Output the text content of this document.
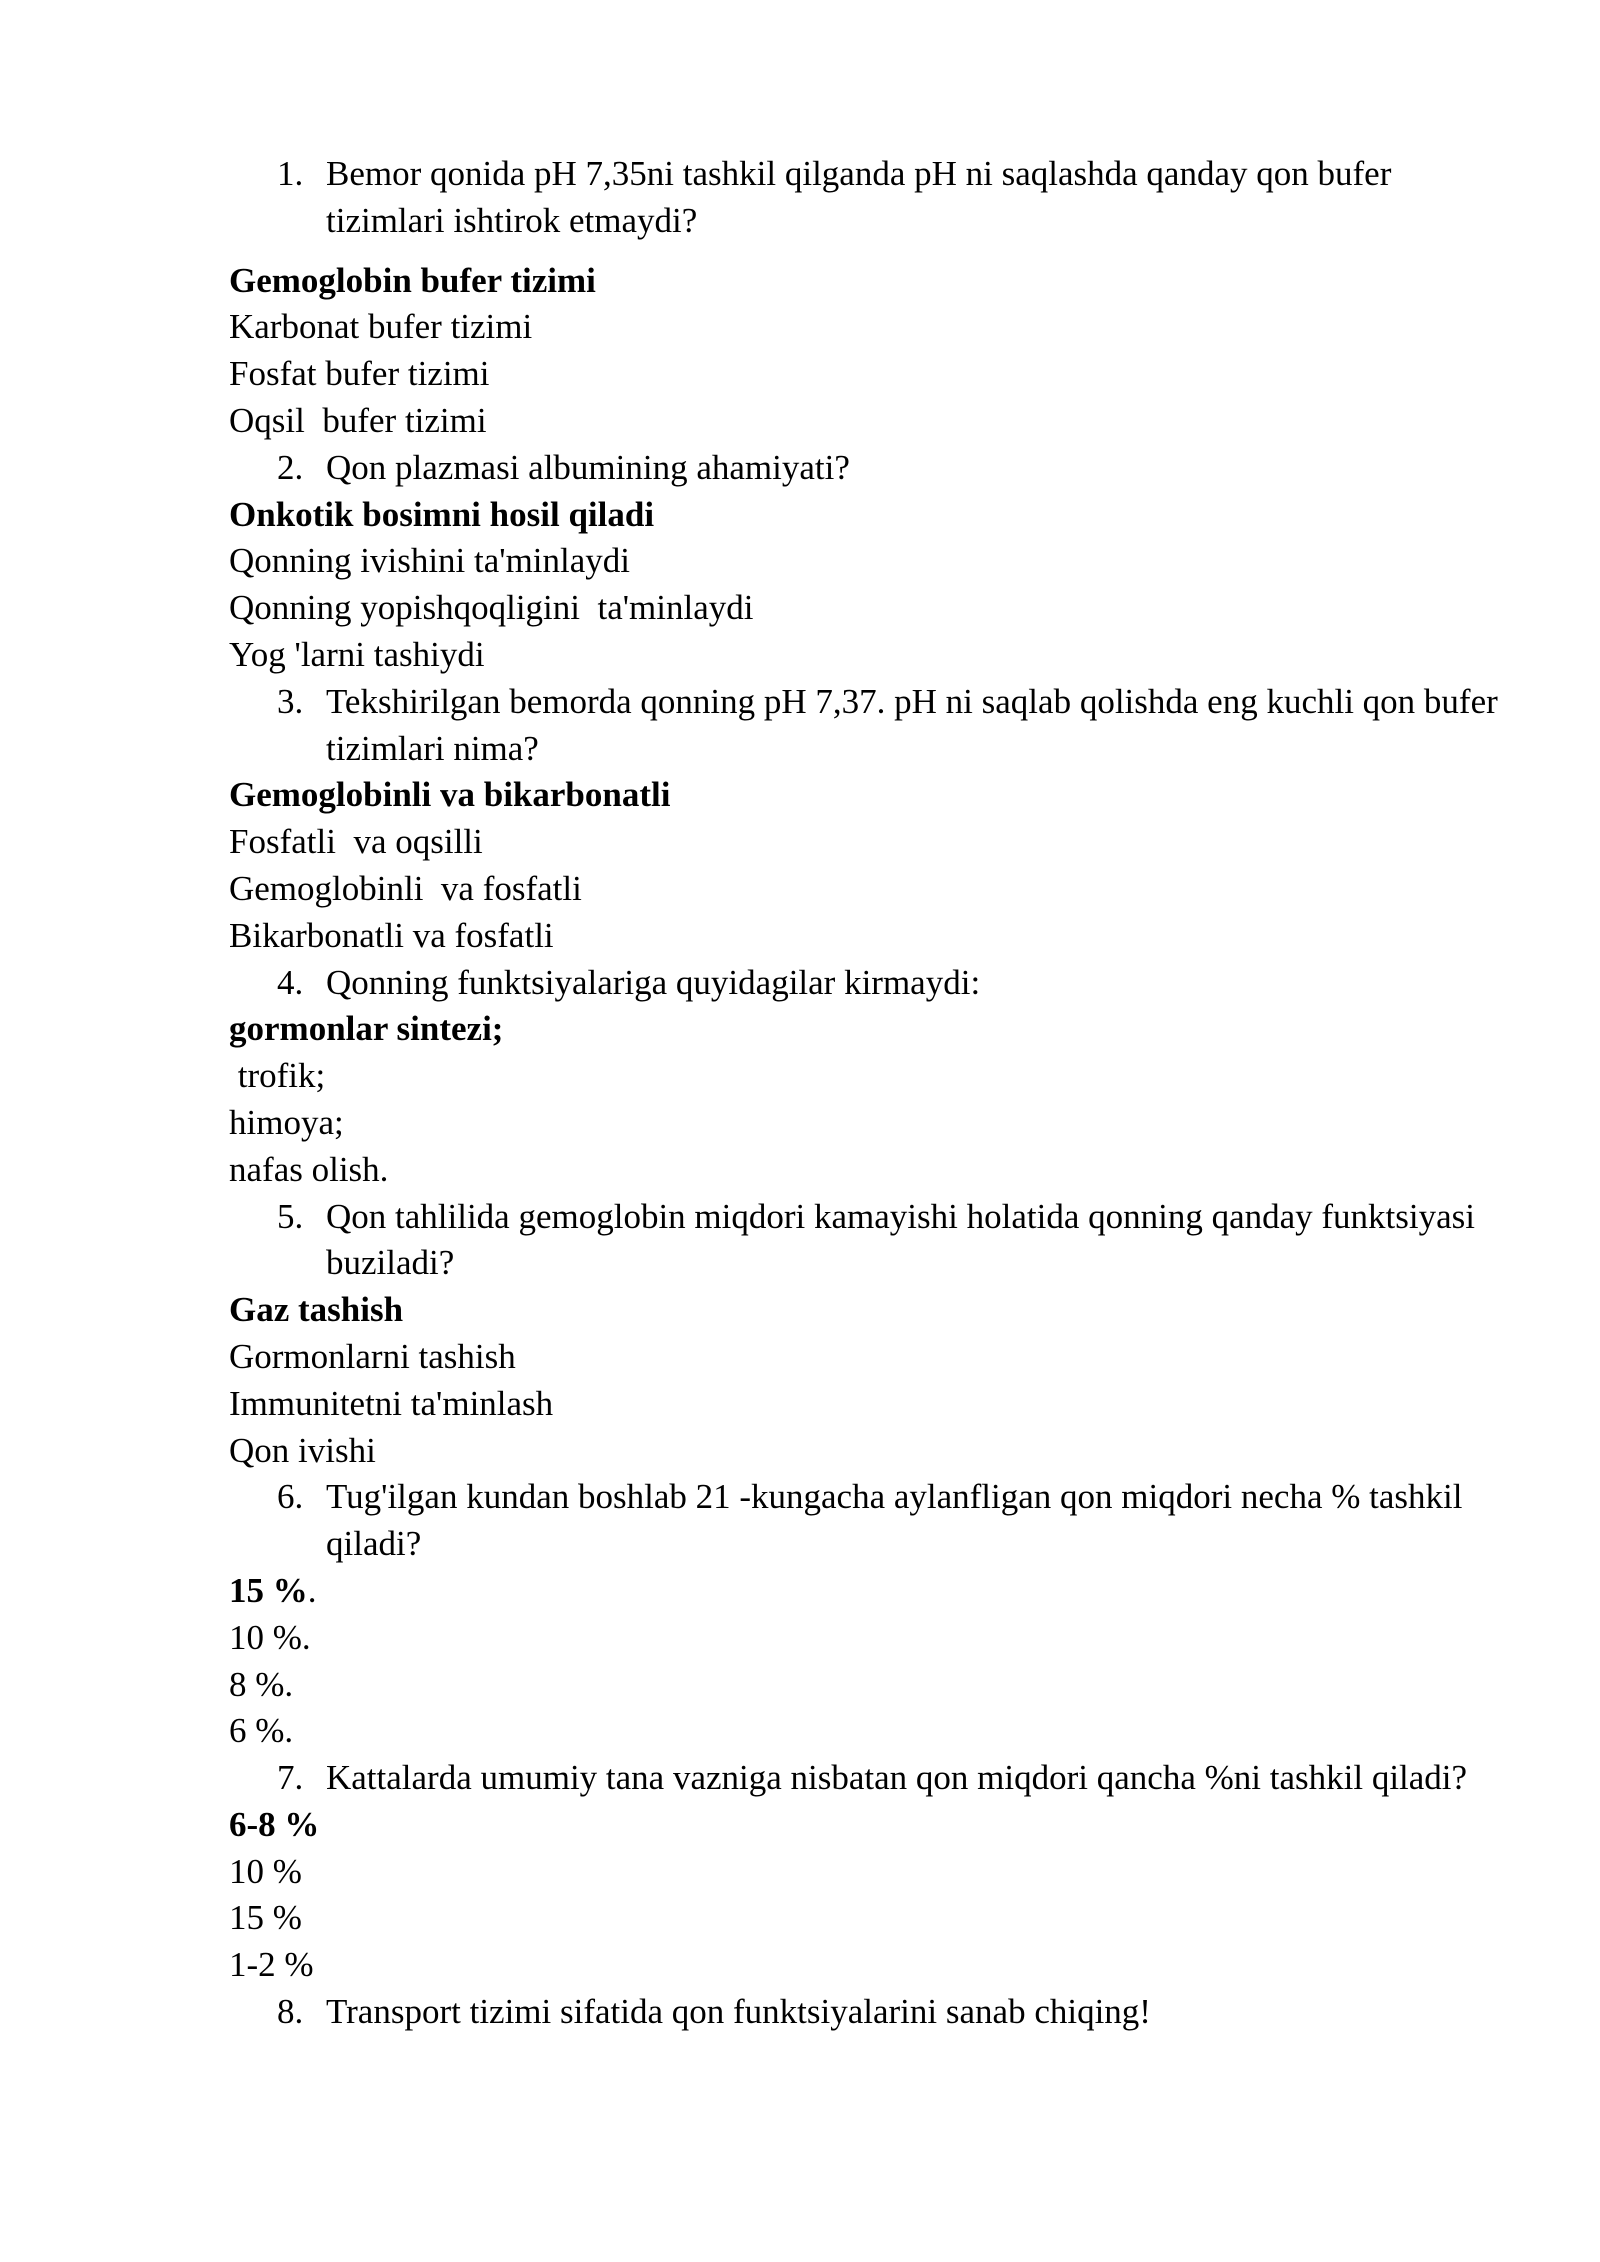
1. Bemor qonida pH 7,35ni tashkil qilganda pH ni saqlashda qanday qon bufer tizimlari ishtirok etmaydi?
Gemoglobin bufer tizimi
Karbonat bufer tizimi
Fosfat bufer tizimi
Oqsil  bufer tizimi
2. Qon plazmasi albumining ahamiyati?
Onkotik bosimni hosil qiladi
Qonning ivishini ta'minlaydi
Qonning yopishqoqligini  ta'minlaydi
Yog 'larni tashiydi
3. Tekshirilgan bemorda qonning pH 7,37. pH ni saqlab qolishda eng kuchli qon bufer tizimlari nima?
Gemoglobinli va bikarbonatli
Fosfatli  va oqsilli
Gemoglobinli  va fosfatli
Bikarbonatli va fosfatli
4. Qonning funktsiyalariga quyidagilar kirmaydi:
gormonlar sintezi;
trofik;
himoya;
nafas olish.
5. Qon tahlilida gemoglobin miqdori kamayishi holatida qonning qanday funktsiyasi buziladi?
Gaz tashish
Gormonlarni tashish
Immunitetni ta'minlash
Qon ivishi
6. Tug'ilgan kundan boshlab 21 -kungacha aylanfligan qon miqdori necha % tashkil qiladi?
15 %.
10 %.
8 %.
6 %.
7. Kattalarda umumiy tana vazniga nisbatan qon miqdori qancha %ni tashkil qiladi?
6-8 %
10 %
15 %
1-2 %
8. Transport tizimi sifatida qon funktsiyalarini sanab chiqing!
